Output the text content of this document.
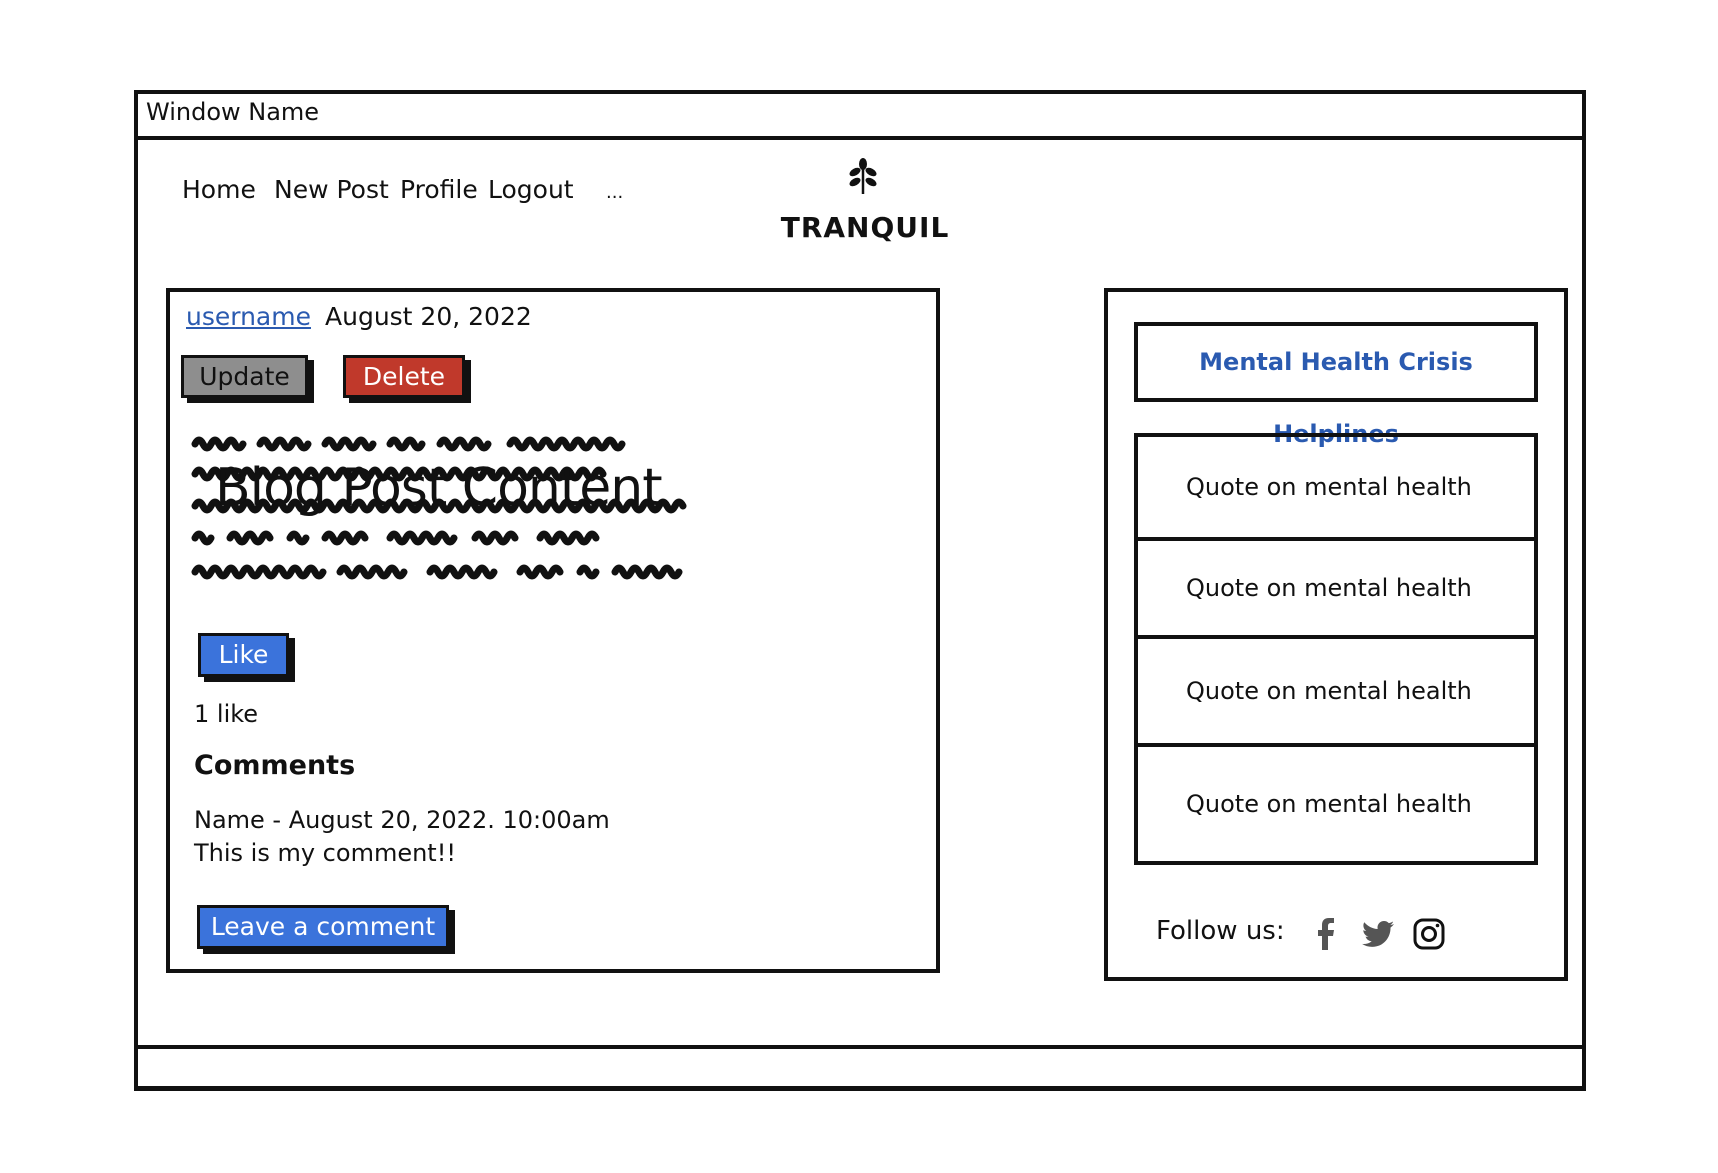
Window Name
Home New Post Profile Logout ...
TRANQUIL
username August 20, 2022
Update	Delete
Blog Post Content
Like
1 like
Comments
Name - August 20, 2022. 10:00am
This is my comment!!
Leave a comment
Mental Health Crisis Helplines
Quote on mental health
Quote on mental health
Quote on mental health
Quote on mental health
Follow us:
